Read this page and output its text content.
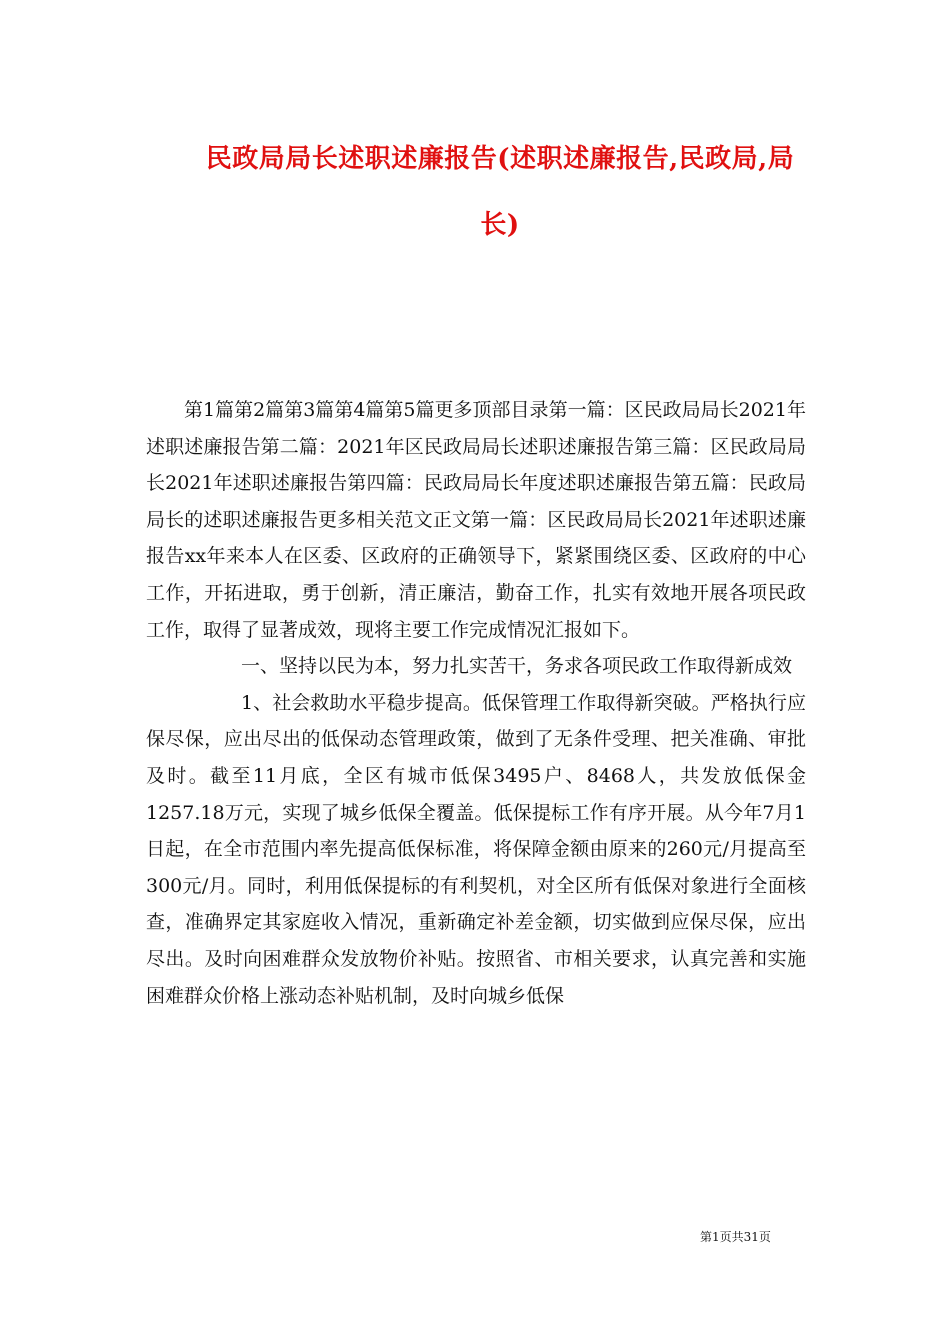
民政局局长述职述廉报告(述职述廉报告,民政局,局长)

第1篇第2篇第3篇第4篇第5篇更多顶部目录第一篇：区民政局局长2021年述职述廉报告第二篇：2021年区民政局局长述职述廉报告第三篇：区民政局局长2021年述职述廉报告第四篇：民政局局长年度述职述廉报告第五篇：民政局局长的述职述廉报告更多相关范文正文第一篇：区民政局局长2021年述职述廉报告xx年来本人在区委、区政府的正确领导下，紧紧围绕区委、区政府的中心工作，开拓进取，勇于创新，清正廉洁，勤奋工作，扎实有效地开展各项民政工作，取得了显著成效，现将主要工作完成情况汇报如下。

一、坚持以民为本，努力扎实苦干，务求各项民政工作取得新成效

1、社会救助水平稳步提高。低保管理工作取得新突破。严格执行应保尽保，应出尽出的低保动态管理政策，做到了无条件受理、把关准确、审批及时。截至11月底，全区有城市低保3495户、8468人，共发放低保金1257.18万元，实现了城乡低保全覆盖。低保提标工作有序开展。从今年7月1日起，在全市范围内率先提高低保标准，将保障金额由原来的260元/月提高至300元/月。同时，利用低保提标的有利契机，对全区所有低保对象进行全面核查，准确界定其家庭收入情况，重新确定补差金额，切实做到应保尽保，应出尽出。及时向困难群众发放物价补贴。按照省、市相关要求，认真完善和实施困难群众价格上涨动态补贴机制，及时向城乡低保

第1页共31页
